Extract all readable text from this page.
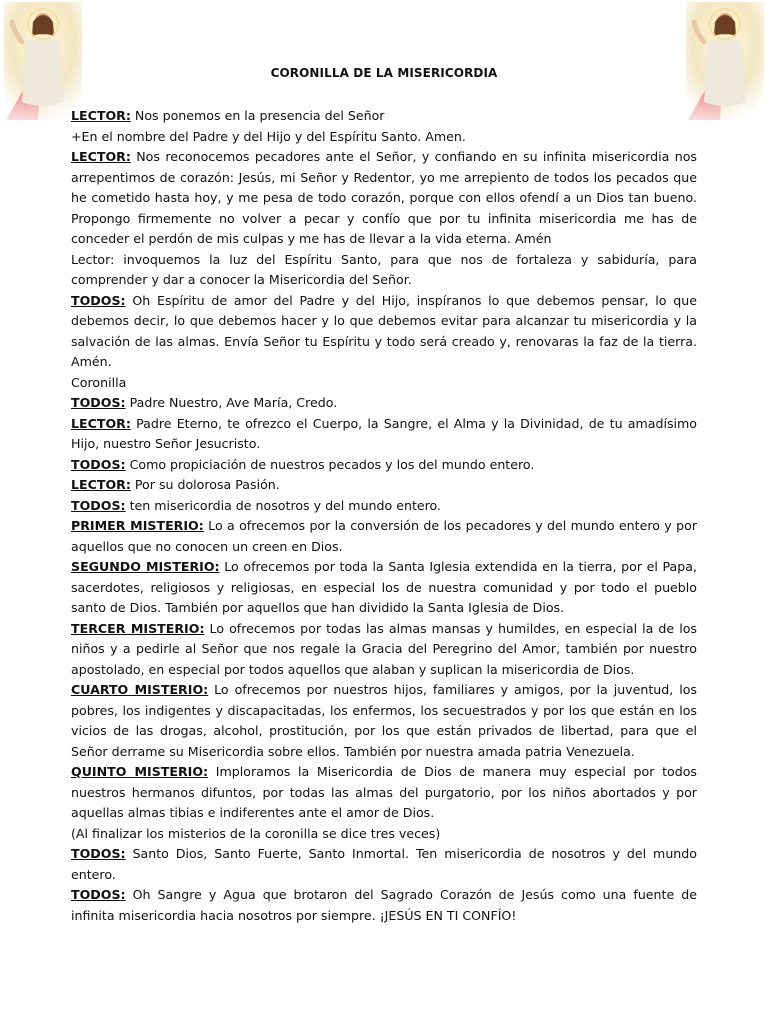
CORONILLA DE LA MISERICORDIA

LECTOR: Nos ponemos en la presencia del Señor

+En el nombre del Padre y del Hijo y del Espíritu Santo. Amen.

LECTOR: Nos reconocemos pecadores ante el Señor, y confiando en su infinita misericordia nos arrepentimos de corazón: Jesús, mi Señor y Redentor, yo me arrepiento de todos los pecados que he cometido hasta hoy, y me pesa de todo corazón, porque con ellos ofendí a un Dios tan bueno. Propongo firmemente no volver a pecar y confío que por tu infinita misericordia me has de conceder el perdón de mis culpas y me has de llevar a la vida eterna. Amén

Lector: invoquemos la luz del Espíritu Santo, para que nos de fortaleza y sabiduría, para comprender y dar a conocer la Misericordia del Señor.

TODOS: Oh Espíritu de amor del Padre y del Hijo, inspíranos lo que debemos pensar, lo que debemos decir, lo que debemos hacer y lo que debemos evitar para alcanzar tu misericordia y la salvación de las almas. Envía Señor tu Espíritu y todo será creado y, renovaras la faz de la tierra. Amén.

Coronilla

TODOS: Padre Nuestro, Ave María, Credo.

LECTOR: Padre Eterno, te ofrezco el Cuerpo, la Sangre, el Alma y la Divinidad, de tu amadísimo Hijo, nuestro Señor Jesucristo.

TODOS: Como propiciación de nuestros pecados y los del mundo entero.

LECTOR: Por su dolorosa Pasión.

TODOS: ten misericordia de nosotros y del mundo entero.

PRIMER MISTERIO: Lo a ofrecemos por la conversión de los pecadores y del mundo entero y por aquellos que no conocen un creen en Dios.

SEGUNDO MISTERIO: Lo ofrecemos por toda la Santa Iglesia extendida en la tierra, por el Papa, sacerdotes, religiosos y religiosas, en especial los de nuestra comunidad y por todo el pueblo santo de Dios. También por aquellos que han dividido la Santa Iglesia de Dios.

TERCER MISTERIO: Lo ofrecemos por todas las almas mansas y humildes, en especial la de los niños y a pedirle al Señor que nos regale la Gracia del Peregrino del Amor, también por nuestro apostolado, en especial por todos aquellos que alaban y suplican la misericordia de Dios.

CUARTO MISTERIO: Lo ofrecemos por nuestros hijos, familiares y amigos, por la juventud, los pobres, los indigentes y discapacitadas, los enfermos, los secuestrados y por los que están en los vicios de las drogas, alcohol, prostitución, por los que están privados de libertad, para que el Señor derrame su Misericordia sobre ellos. También por nuestra amada patria Venezuela.

QUINTO MISTERIO: Imploramos la Misericordia de Dios de manera muy especial por todos nuestros hermanos difuntos, por todas las almas del purgatorio, por los niños abortados y por aquellas almas tibias e indiferentes ante el amor de Dios.

(Al finalizar los misterios de la coronilla se dice tres veces)

TODOS: Santo Dios, Santo Fuerte, Santo Inmortal. Ten misericordia de nosotros y del mundo entero.

TODOS: Oh Sangre y Agua que brotaron del Sagrado Corazón de Jesús como una fuente de infinita misericordia hacia nosotros por siempre. ¡JESÚS EN TI CONFÍO!
